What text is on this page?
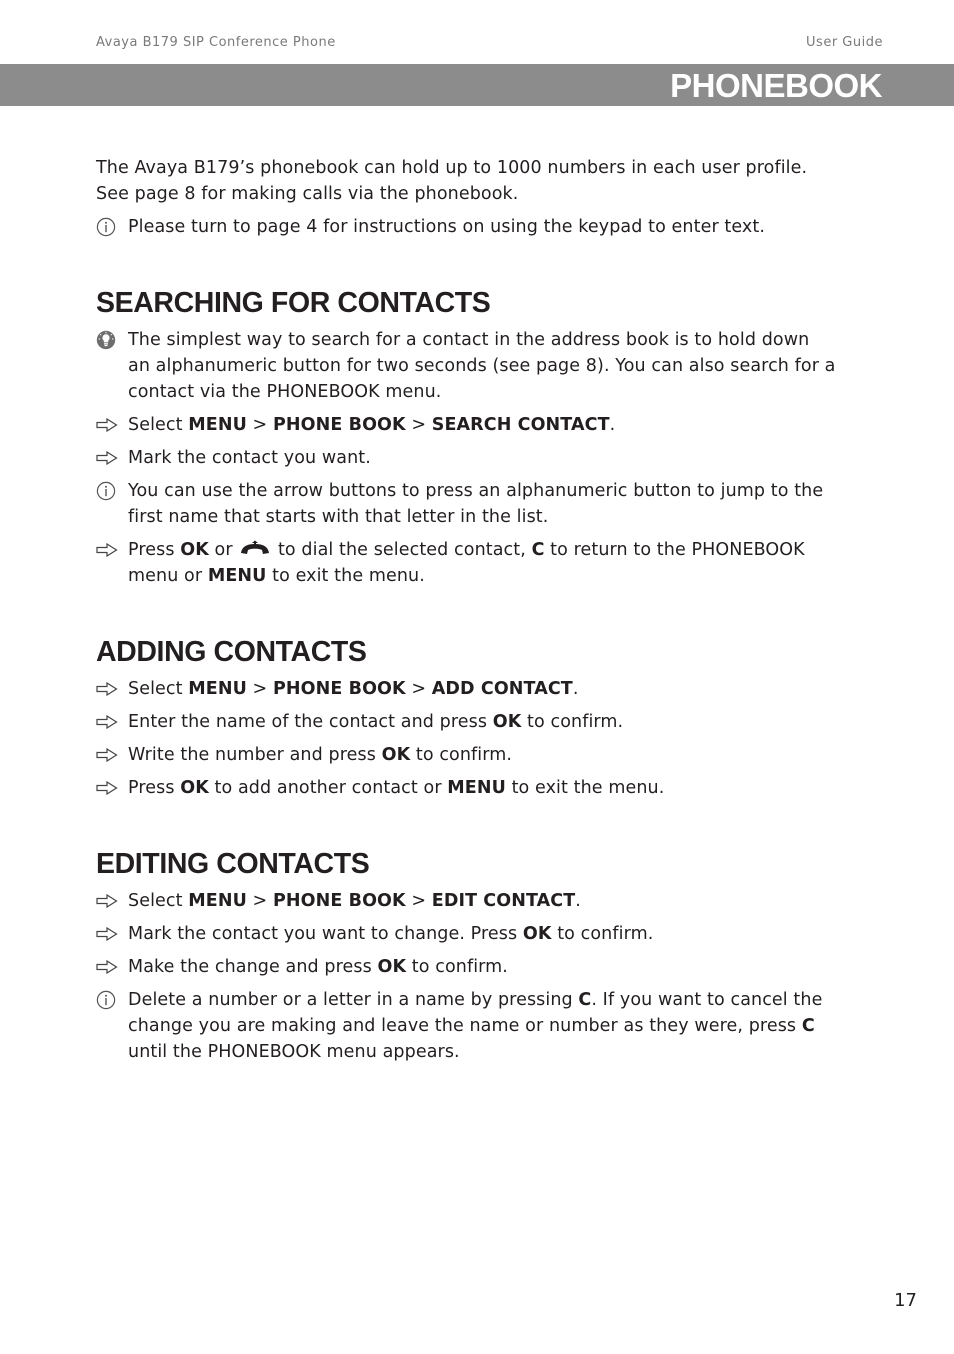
Avaya B179 SIP Conference Phone	User Guide
PHONEBOOK

The Avaya B179’s phonebook can hold up to 1000 numbers in each user profile. See page 8 for making calls via the phonebook.

Please turn to page 4 for instructions on using the keypad to enter text.
SEARCHING FOR CONTACTS
The simplest way to search for a contact in the address book is to hold down an alphanumeric button for two seconds (see page 8). You can also search for a contact via the PHONEBOOK menu.
Select MENU > PHONE BOOK > SEARCH CONTACT.
Mark the contact you want.
You can use the arrow buttons to press an alphanumeric button to jump to the first name that starts with that letter in the list.
Press OK or
to dial the selected contact, C to return to the PHONEBOOK menu or MENU to exit the menu.
ADDING CONTACTS
Select MENU > PHONE BOOK > ADD CONTACT.
Enter the name of the contact and press OK to confirm.
Write the number and press OK to confirm.
Press OK to add another contact or MENU to exit the menu.
EDITING CONTACTS
Select MENU > PHONE BOOK > EDIT CONTACT.
Mark the contact you want to change. Press OK to confirm.
Make the change and press OK to confirm.
Delete a number or a letter in a name by pressing C. If you want to cancel the change you are making and leave the name or number as they were, press C until the PHONEBOOK menu appears.
17
